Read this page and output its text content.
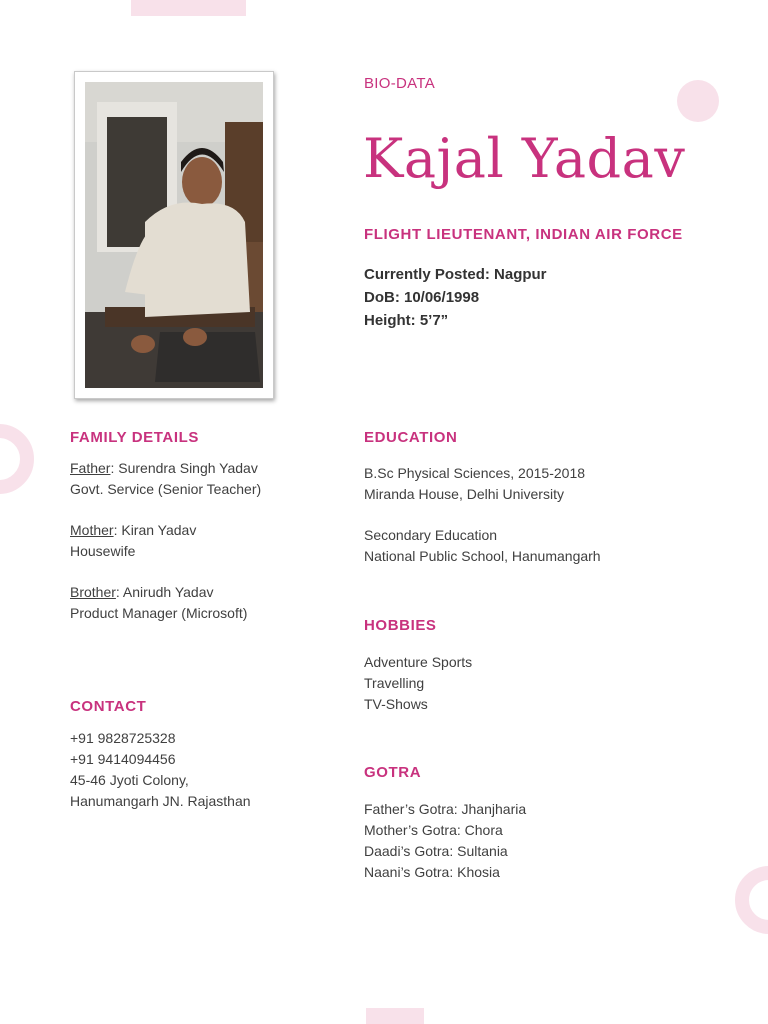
BIO-DATA
Kajal Yadav
FLIGHT LIEUTENANT, INDIAN AIR FORCE
Currently Posted: Nagpur
DoB: 10/06/1998
Height: 5’7”
FAMILY DETAILS
Father: Surendra Singh Yadav
Govt. Service (Senior Teacher)
Mother: Kiran Yadav
Housewife
Brother: Anirudh Yadav
Product Manager (Microsoft)
CONTACT
+91 9828725328
+91 9414094456
45-46 Jyoti Colony,
Hanumangarh JN. Rajasthan
EDUCATION
B.Sc Physical Sciences, 2015-2018
Miranda House, Delhi University
Secondary Education
National Public School, Hanumangarh
HOBBIES
Adventure Sports
Travelling
TV-Shows
GOTRA
Father’s Gotra: Jhanjharia
Mother’s Gotra: Chora
Daadi’s Gotra: Sultania
Naani’s Gotra: Khosia
